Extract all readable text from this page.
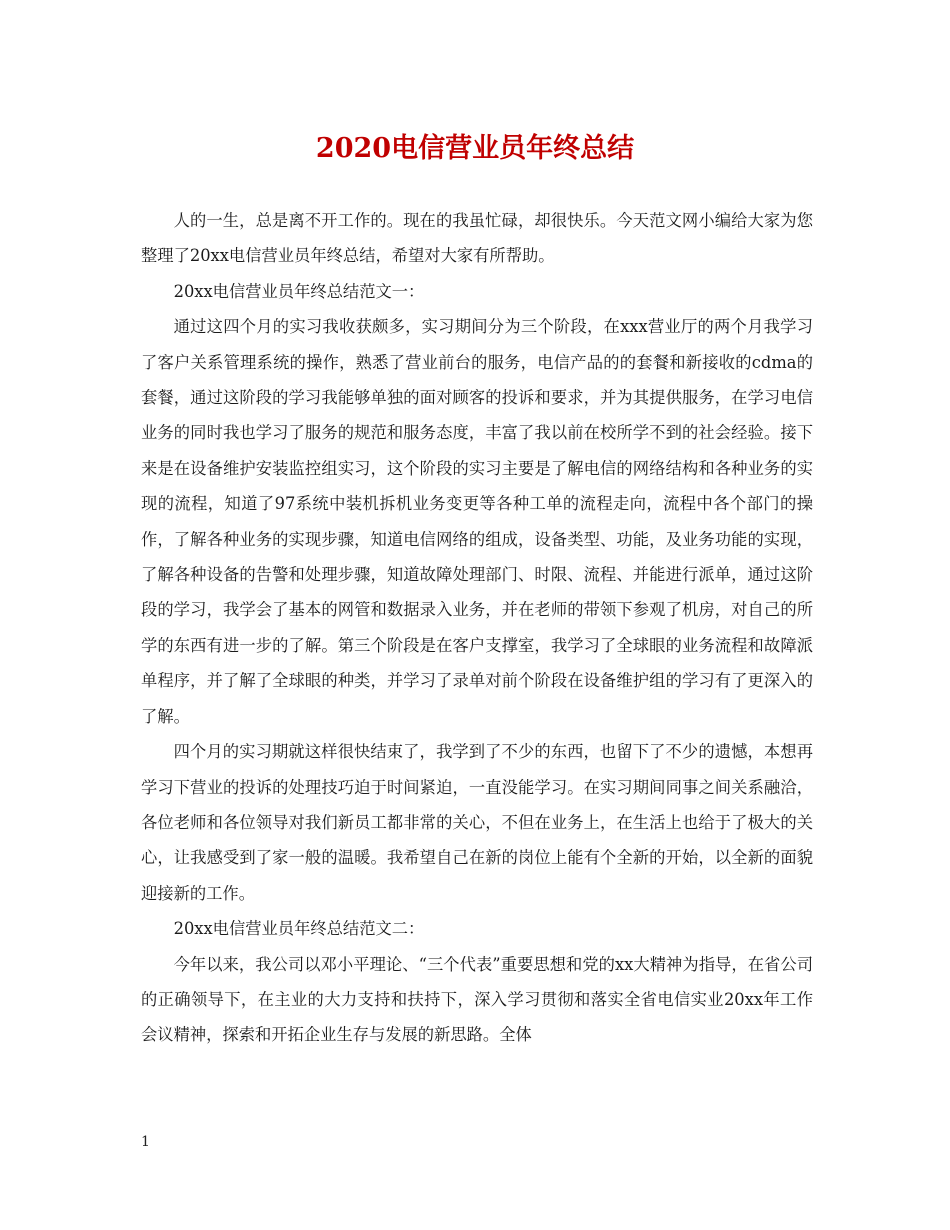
2020电信营业员年终总结

人的一生，总是离不开工作的。现在的我虽忙碌，却很快乐。今天范文网小编给大家为您整理了20xx电信营业员年终总结，希望对大家有所帮助。

20xx电信营业员年终总结范文一：

通过这四个月的实习我收获颇多，实习期间分为三个阶段，在xxx营业厅的两个月我学习了客户关系管理系统的操作，熟悉了营业前台的服务，电信产品的的套餐和新接收的cdma的套餐，通过这阶段的学习我能够单独的面对顾客的投诉和要求，并为其提供服务，在学习电信业务的同时我也学习了服务的规范和服务态度，丰富了我以前在校所学不到的社会经验。接下来是在设备维护安装监控组实习，这个阶段的实习主要是了解电信的网络结构和各种业务的实现的流程，知道了97系统中装机拆机业务变更等各种工单的流程走向，流程中各个部门的操作，了解各种业务的实现步骤，知道电信网络的组成，设备类型、功能，及业务功能的实现，了解各种设备的告警和处理步骤，知道故障处理部门、时限、流程、并能进行派单，通过这阶段的学习，我学会了基本的网管和数据录入业务，并在老师的带领下参观了机房，对自己的所学的东西有进一步的了解。第三个阶段是在客户支撑室，我学习了全球眼的业务流程和故障派单程序，并了解了全球眼的种类，并学习了录单对前个阶段在设备维护组的学习有了更深入的了解。

四个月的实习期就这样很快结束了，我学到了不少的东西，也留下了不少的遗憾，本想再学习下营业的投诉的处理技巧迫于时间紧迫，一直没能学习。在实习期间同事之间关系融洽，各位老师和各位领导对我们新员工都非常的关心，不但在业务上，在生活上也给于了极大的关心，让我感受到了家一般的温暖。我希望自己在新的岗位上能有个全新的开始，以全新的面貌迎接新的工作。

20xx电信营业员年终总结范文二：

今年以来，我公司以邓小平理论、“三个代表”重要思想和党的xx大精神为指导，在省公司的正确领导下，在主业的大力支持和扶持下，深入学习贯彻和落实全省电信实业20xx年工作会议精神，探索和开拓企业生存与发展的新思路。全体

1
